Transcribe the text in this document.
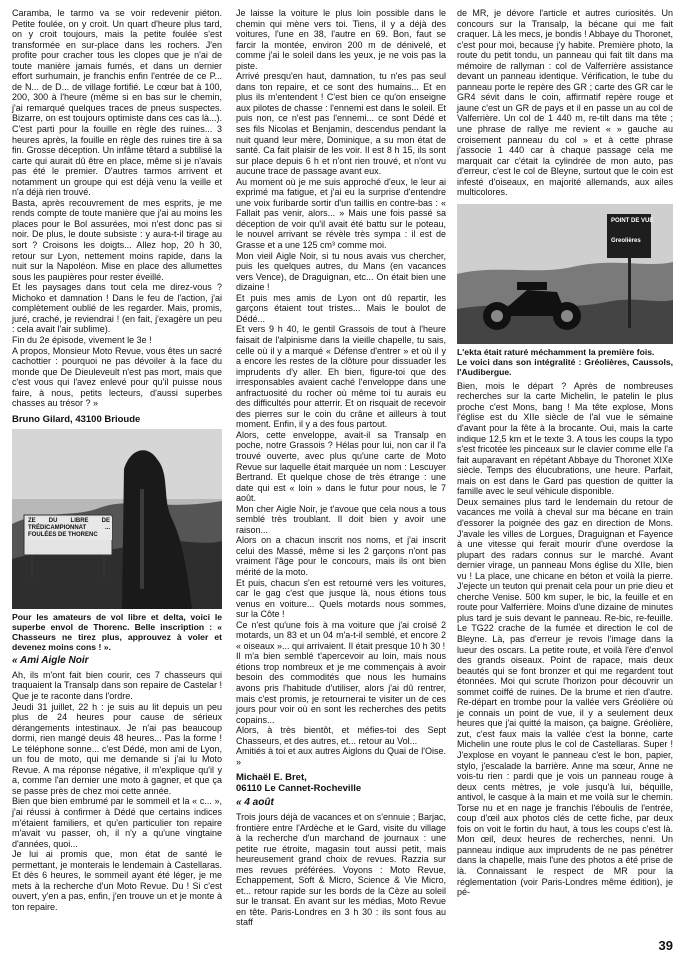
Caramba, le tarmo va se voir redevenir piéton. Petite foulée, on y croit. Un quart d'heure plus tard, on y croit toujours, mais la petite foulée s'est transformée en sur-place dans les rochers. J'en profite pour cracher tous les clopes que je n'ai de toute manière jamais fumés, et dans un dernier effort surhumain, je franchis enfin l'entrée de ce P... de N... de D... de village fortifié. Le cœur bat à 100, 200, 300 à l'heure (même si en bas sur le chemin, j'ai remarqué quelques traces de pneus suspectes. Bizarre, on est toujours optimiste dans ces cas là...). C'est parti pour la fouille en règle des ruines... 3 heures après, la fouille en règle des ruines tire à sa fin. Grosse déception. Un infâme têtard a subtilisé la carte qui aurait dû être en place, même si je n'avais pas été le premier. D'autres tarmos arrivent et notamment un groupe qui est déjà venu la veille et n'a déjà rien trouvé.

Basta, après recouvrement de mes esprits, je me rends compte de toute manière que j'ai au moins les places pour le Bol assurées, moi n'est donc pas si noir. De plus, le doute subsiste : y aura-t-il tirage au sort ? Croisons les doigts... Allez hop, 20 h 30, retour sur Lyon, nettement moins rapide, dans la nuit sur la Napoléon. Mise en place des allumettes sous les paupières pour rester éveillé.

Et les paysages dans tout cela me direz-vous ? Michoko et damnation ! Dans le feu de l'action, j'ai complètement oublié de les regarder. Mais, promis, juré, craché, je reviendrai ! (en fait, j'exagère un peu : cela avait l'air sublime).

Fin du 2e épisode, vivement le 3e !

A propos, Monsieur Moto Revue, vous êtes un sacré cachottier : pourquoi ne pas dévoiler à la face du monde que De Dieuleveult n'est pas mort, mais que c'est vous qui l'avez enlevé pour qu'il puisse nous faire, à nous, petits lecteurs, d'aussi superbes chasses au trésor ? »

Bruno Gilard, 43100 Brioude

ZE DU LIBRE DE TRÉDICAMPIONNAT ... FOULÉES DE THORENC

Pour les amateurs de vol libre et delta, voici le superbe envol de Thorenc. Belle inscription : « Chasseurs ne tirez plus, approuvez à voler et devenez moins cons ! ».

« Ami Aigle Noir

Ah, ils m'ont fait bien courir, ces 7 chasseurs qui traquaient la Transalp dans son repaire de Castelar ! Que je te raconte dans l'ordre.

Jeudi 31 juillet, 22 h : je suis au lit depuis un peu plus de 24 heures pour cause de sérieux dérangements intestinaux. Je n'ai pas beaucoup dormi, rien mangé deuis 48 heures... Pas la forme ! Le téléphone sonne... c'est Dédé, mon ami de Lyon, un fou de moto, qui me demande si j'ai lu Moto Revue. A ma réponse négative, il m'explique qu'il y a, comme l'an dernier une moto à gagner, et que ça se passe près de chez moi cette année.

Bien que bien embrumé par le sommeil et la « c... », j'ai réussi à confirmer à Dédé que certains indices m'étaient familiers, et qu'en particulier ton repaire m'avait vu passer, oh, il n'y a qu'une vingtaine d'années, quoi...

Je lui ai promis que, mon état de santé le permettant, je monterais le lendemain à Castellaras. Et dès 6 heures, le sommeil ayant été léger, je me mets à la recherche d'un Moto Revue. Du ! Si c'est ouvert, y'en a pas, enfin, j'en trouve un et je monte à ton repaire.

Je laisse la voiture le plus loin possible dans le chemin qui mène vers toi. Tiens, il y a déjà des voitures, l'une en 38, l'autre en 69. Bon, faut se farcir la montée, environ 200 m de dénivelé, et comme j'ai le soleil dans les yeux, je ne vois pas la piste.

Arrivé presqu'en haut, damnation, tu n'es pas seul dans ton repaire, et ce sont des humains... Et en plus ils m'entendent ! C'est bien ce qu'on enseigne aux pilotes de chasse : l'ennemi est dans le soleil. Et puis non, ce n'est pas l'ennemi... ce sont Dédé et ses fils Nicolas et Benjamin, descendus pendant la nuit quand leur mère, Dominique, a su mon état de santé. Ca fait plaisir de les voir. Il est 8 h 15, ils sont sur place depuis 6 h et n'ont rien trouvé, et n'ont vu aucune trace de passage avant eux.

Au moment où je me suis approché d'eux, le leur ai exprimé ma fatigue, et j'ai eu la surprise d'entendre une voix furibarde sortir d'un taillis en contre-bas : « Fallait pas venir, alors... » Mais une fois passé sa déception de voir qu'il avait été battu sur le poteau, le nouvel arrivant se révèle très sympa : il est de Grasse et a une 125 cm³ comme moi.

Mon vieil Aigle Noir, si tu nous avais vus chercher, puis les quelques autres, du Mans (en vacances vers Vence), de Draguignan, etc... On était bien une dizaine !

Et puis mes amis de Lyon ont dû repartir, les garçons étaient tout tristes... Mais le boulot de Dédé...

Et vers 9 h 40, le gentil Grassois de tout à l'heure faisait de l'alpinisme dans la vieille chapelle, tu sais, celle où il y a marqué « Défense d'entrer » et où il y a encore les restes de la clôture pour dissuader les imprudents d'y aller. Eh bien, figure-toi que des irresponsables avaient caché l'enveloppe dans une anfractuosité du rocher où même toi tu aurais eu des difficultés pour atterrir. Et on risquait de recevoir des pierres sur le coin du crâne et ailleurs à tout moment. Enfin, il y a des fous partout.

Alors, cette enveloppe, avait-il sa Transalp en poche, notre Grassois ? Hélas pour lui, non car il l'a trouvé ouverte, avec plus qu'une carte de Moto Revue sur laquelle était marquée un nom : Lescuyer Bertrand. Et quelque chose de très étrange : une date qui est « loin » dans le futur pour nous, le 7 août.

Mon cher Aigle Noir, je t'avoue que cela nous a tous semblé très troublant. Il doit bien y avoir une raison...

Alors on a chacun inscrit nos noms, et j'ai inscrit celui des Massé, même si les 2 garçons n'ont pas vraiment l'âge pour le concours, mais ils ont bien mérité de la moto.

Et puis, chacun s'en est retourné vers les voitures, car le gag c'est que jusque là, nous étions tous venus en voiture... Quels motards nous sommes, sur la Côte !

Ce n'est qu'une fois à ma voiture que j'ai croisé 2 motards, un 83 et un 04 m'a-t-il semblé, et encore 2 « oiseaux »... qui arrivaient. Il était presque 10 h 30 !

Il m'a bien semblé t'apercevoir au loin, mais nous étions trop nombreux et je me commençais à avoir besoin des commodités que nous les humains avons pris l'habitude d'utiliser, alors j'ai dû rentrer, mais c'est promis, je retournerai te visiter un de ces jours pour voir où en sont les recherches des petits copains...

Alors, à très bientôt, et méfies-toi des Sept Chasseurs, et des autres, et... retour au Vol...

Amitiés à toi et aux autres Aiglons du Quai de l'Oise. »

Michaël E. Bret,

06110 Le Cannet-Rocheville

« 4 août

Trois jours déjà de vacances et on s'ennuie ; Barjac, frontière entre l'Ardèche et le Gard, visite du village à la recherche d'un marchand de journaux : une petite rue étroite, magasin tout aussi petit, mais heureusement grand choix de revues. Razzia sur mes revues préférées. Voyons : Moto Revue, Echappement, Soft & Micro, Science & Vie Micro, et... retour rapide sur les bords de la Cèze au soleil sur le transat. En avant sur les médias, Moto Revue en tête. Paris-Londres en 3 h 30 : ils sont fous au staff

de MR, je dévore l'article et autres curiosités. Un concours sur la Transalp, la bécane qui me fait craquer. Là les mecs, je bondis ! Abbaye du Thoronet, c'est pour moi, because j'y habite. Première photo, la route du petit tondu, un panneau qui fait tilt dans ma mémoire de rallyman : col de Valferrière assistance devant un panneau identique. Vérification, le tube du panneau porte le repère des GR ; carte des GR car le GR4 sévit dans le coin, affirmatif repère rouge et jaune c'est un GR de pays et il en passe un au col de Valferrière. Un col de 1 440 m, re-tilt dans ma tête ; une phrase de rallye me revient « » gauche au croisement panneau du col » et à cette phrase j'associe 1 440 car à chaque passage cela me marquait car c'était la cylindrée de mon auto, pas d'erreur, c'est le col de Bleyne, surtout que le coin est infesté d'oiseaux, en majorité allemands, aux ailes multicolores.

POINT DE VUE
Greolières

L'ekta était raturé méchamment la première fois.

Le voici dans son intégralité : Gréolières, Caussols, l'Audibergue.

Bien, mois le départ ? Après de nombreuses recherches sur la carte Michelin, le patelin le plus proche c'est Mons, bang ! Ma tête explose, Mons l'église est du XIIe siècle de l'al vue le sémaine d'avant pour la fête à la brocante. Oui, mais la carte indique 12,5 km et le texte 3. A tous les coups la typo s'est fricotée les pinceaux sur le clavier comme elle l'a fait auparavant en répétant Abbaye du Thoronet XIXe siècle. Temps des élucubrations, une heure. Parfait, mais on est dans le Gard pas question de quitter la famille avec le seul véhicule disponible.

Deux semaines plus tard le lendemain du retour de vacances me voilà à cheval sur ma bécane en train d'essorer la poignée des gaz en direction de Mons. J'avale les villes de Lorgues, Draguignan et Fayence à une vitesse qui ferait mourir d'une overdose la plupart des radars connus sur le marché. Avant dernier virage, un panneau Mons église du XIIe, bien vu ! La place, une chicane en béton et voilà la pierre. J'ejecte un teuton qui prenait cela pour un prie dieu et cherche Venise. 500 km super, le bic, la feuille et en route pour Valferrière. Moins d'une dizaine de minutes plus tard je suis devant le panneau. Re-bic, re-feuille. Le TG22 crache de la fumée et direction le col de Bleyne. Là, pas d'erreur je revois l'image dans la lueur des oscars. La petite route, et voilà l'ère d'envol des grands oiseaux. Point de rapace, mais deux beautés qui se font bronzer et qui me regardent tout étonnées. Moi qui scrute l'horizon pour découvrir un sommet coiffé de ruines. De la brume et rien d'autre. Re-départ en trombe pour la vallée vers Gréolière où je connais un point de vue, il y a seulement deux heures que j'ai quitté la maison, ça baigne. Gréolière, zut, c'est faux mais la vallée c'est la bonne, carte Michelin une route plus le col de Castellaras. Super ! J'explose en voyant le panneau c'est le bon, papier, stylo, j'escalade la barrière. Anne ma sœur, Anne ne vois-tu rien : pardi que je vois un panneau rouge à deux cents mètres, je vole jusqu'à lui, béquille, antivol, le casque à la main et me voilà sur le chemin. Torse nu et en nage je franchis l'éboulis de l'entrée, coup d'œil aux photos clés de cette fiche, par deux fois on voit le fortin du haut, à tous les coups c'est là. Mon œil, deux heures de recherches, nenni. Un panneau indique aux imprudents de ne pas pénétrer dans la chapelle, mais l'une des photos a été prise de là. Connaissant le respect de MR pour la réglementation (voir Paris-Londres même édition), je pé-

39
